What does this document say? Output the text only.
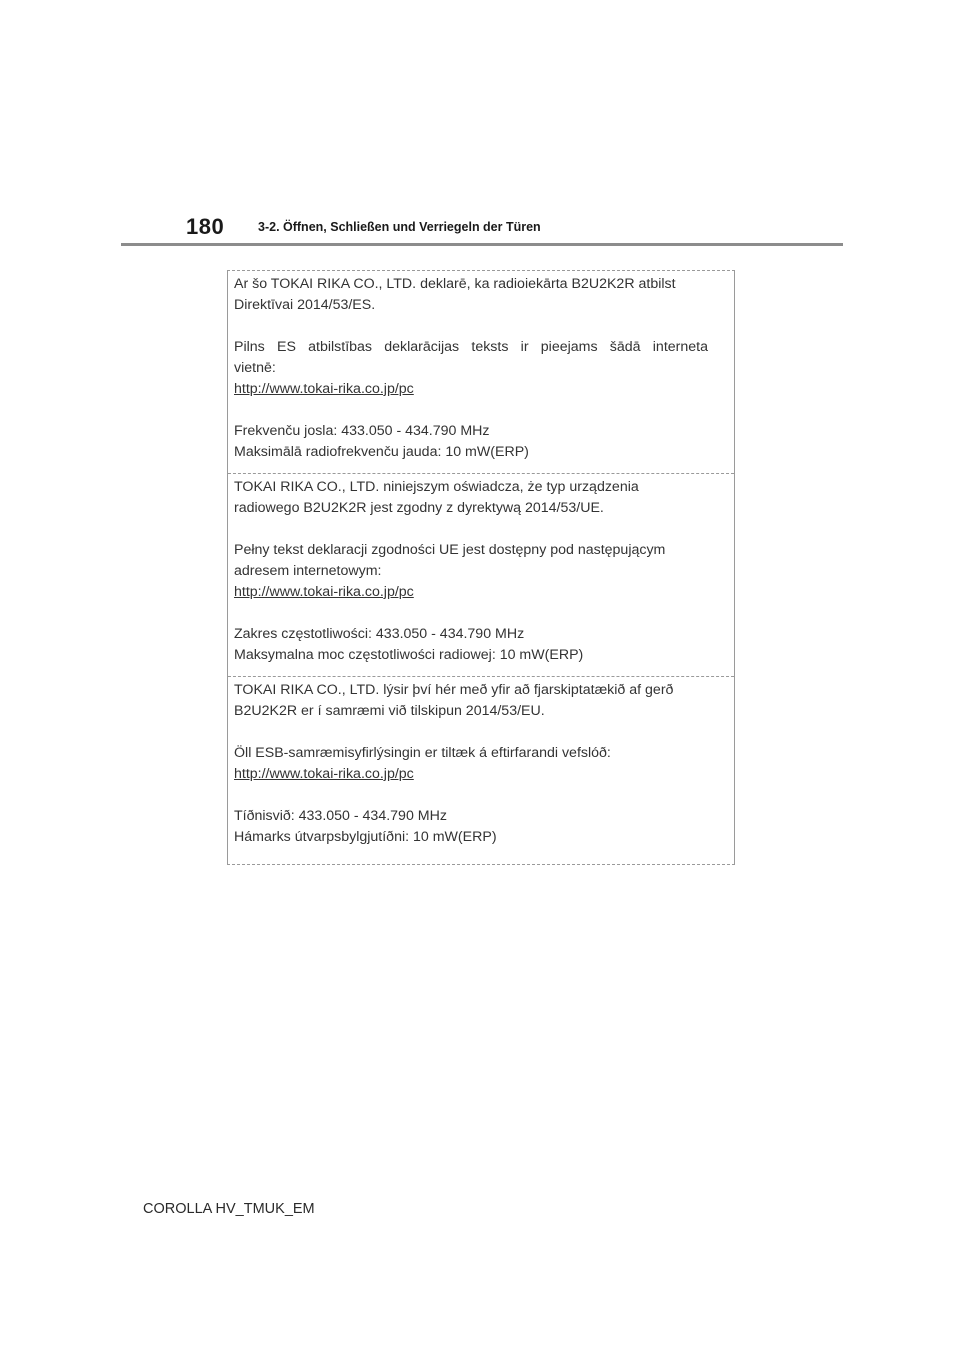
180	3-2. Öffnen, Schließen und Verriegeln der Türen

Ar šo TOKAI RIKA CO., LTD. deklarē, ka radioiekārta B2U2K2R atbilst
Direktīvai 2014/53/ES.

Pilns ES atbilstības deklarācijas teksts ir pieejams šādā interneta
vietnē:
http://www.tokai-rika.co.jp/pc

Frekvenču josla: 433.050 - 434.790 MHz
Maksimālā radiofrekvenču jauda: 10 mW(ERP)

TOKAI RIKA CO., LTD. niniejszym oświadcza, że typ urządzenia
radiowego B2U2K2R jest zgodny z dyrektywą 2014/53/UE.

Pełny tekst deklaracji zgodności UE jest dostępny pod następującym
adresem internetowym:
http://www.tokai-rika.co.jp/pc

Zakres częstotliwości: 433.050 - 434.790 MHz
Maksymalna moc częstotliwości radiowej: 10 mW(ERP)

TOKAI RIKA CO., LTD. lýsir því hér með yfir að fjarskiptatækið af gerð
B2U2K2R er í samræmi við tilskipun 2014/53/EU.

Öll ESB-samræmisyfirlýsingin er tiltæk á eftirfarandi vefslóð:
http://www.tokai-rika.co.jp/pc

Tíðnisvið: 433.050 - 434.790 MHz
Hámarks útvarpsbylgjutíðni: 10 mW(ERP)

COROLLA HV_TMUK_EM
